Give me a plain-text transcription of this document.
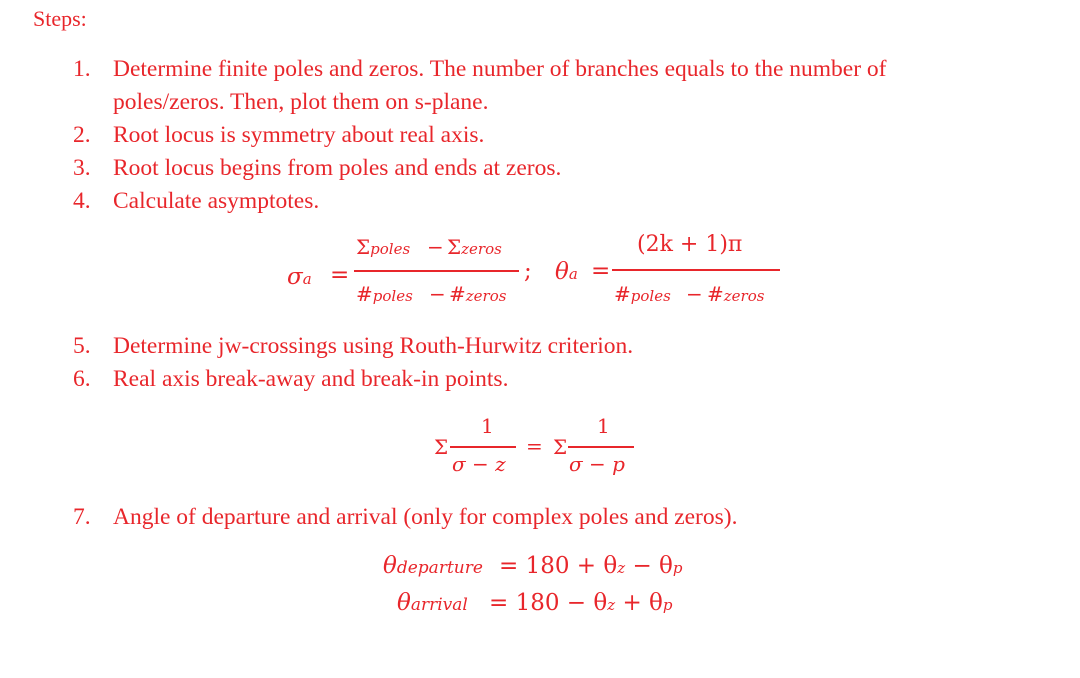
Steps:
1. Determine finite poles and zeros. The number of branches equals to the number of
poles/zeros. Then, plot them on s-plane.
2. Root locus is symmetry about real axis.
3. Root locus begins from poles and ends at zeros.
4. Calculate asymptotes.
σa =
Σpoles − Σzeros
#poles − #zeros
; θa =
(2k + 1)π
#poles − #zeros
5. Determine jw-crossings using Routh-Hurwitz criterion.
6. Real axis break-away and break-in points.
Σ
1
σ − z
= Σ
1
σ − p
7. Angle of departure and arrival (only for complex poles and zeros).
θdeparture = 180 + θz − θp
θarrival = 180 − θz + θp
